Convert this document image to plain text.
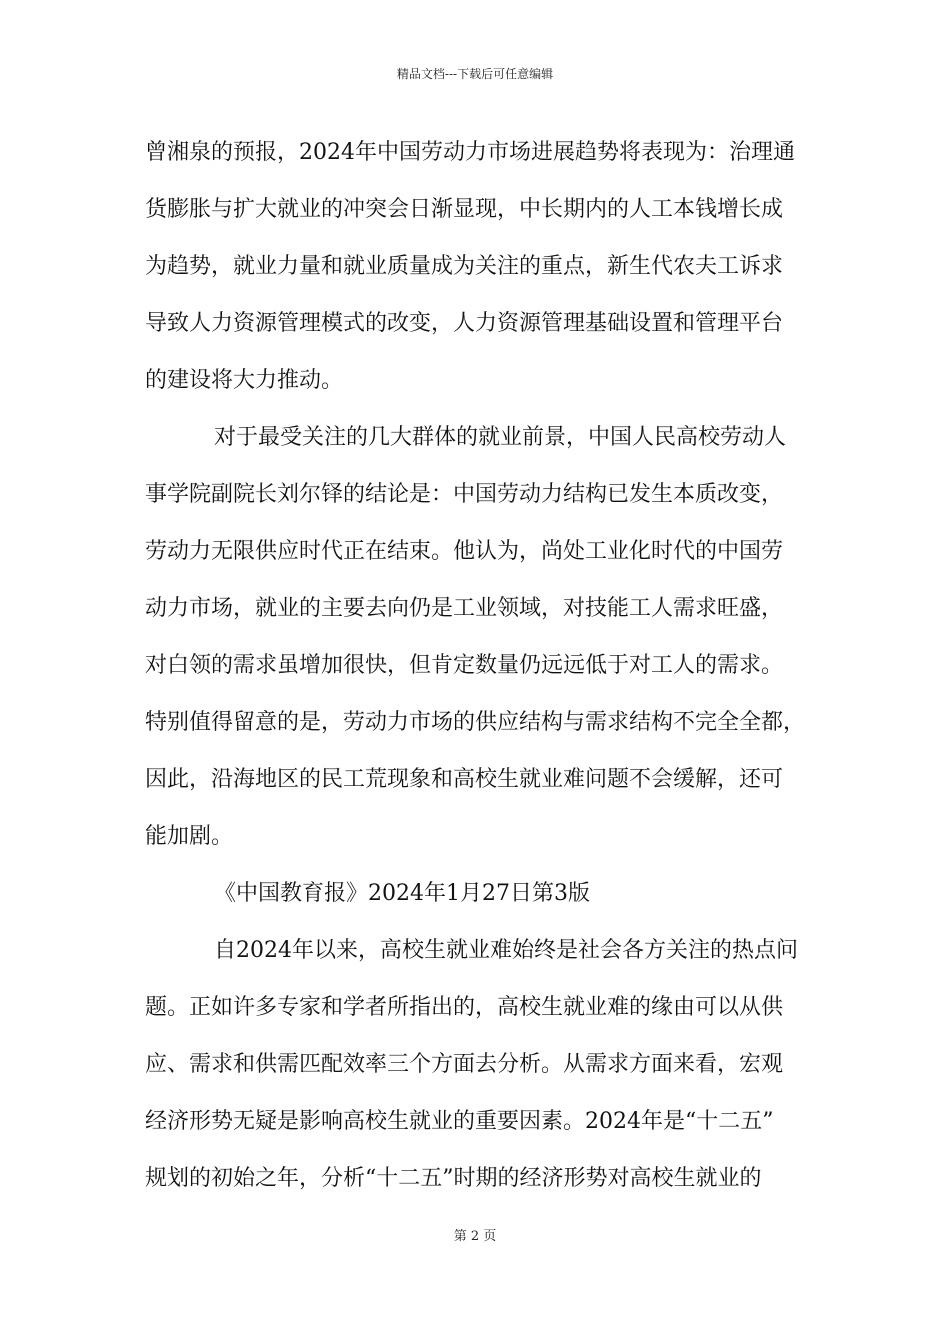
精品文档---下载后可任意编辑
曾湘泉的预报，2024年中国劳动力市场进展趋势将表现为：治理通
货膨胀与扩大就业的冲突会日渐显现，中长期内的人工本钱增长成
为趋势，就业力量和就业质量成为关注的重点，新生代农夫工诉求
导致人力资源管理模式的改变，人力资源管理基础设置和管理平台
的建设将大力推动。
对于最受关注的几大群体的就业前景，中国人民高校劳动人
事学院副院长刘尔铎的结论是：中国劳动力结构已发生本质改变，
劳动力无限供应时代正在结束。他认为，尚处工业化时代的中国劳
动力市场，就业的主要去向仍是工业领域，对技能工人需求旺盛，
对白领的需求虽增加很快，但肯定数量仍远远低于对工人的需求。
特别值得留意的是，劳动力市场的供应结构与需求结构不完全全都，
因此，沿海地区的民工荒现象和高校生就业难问题不会缓解，还可
能加剧。
《中国教育报》2024年1月27日第3版
自2024年以来，高校生就业难始终是社会各方关注的热点问
题。正如许多专家和学者所指出的，高校生就业难的缘由可以从供
应、需求和供需匹配效率三个方面去分析。从需求方面来看，宏观
经济形势无疑是影响高校生就业的重要因素。2024年是“十二五”
规划的初始之年，分析“十二五”时期的经济形势对高校生就业的
第 2 页
